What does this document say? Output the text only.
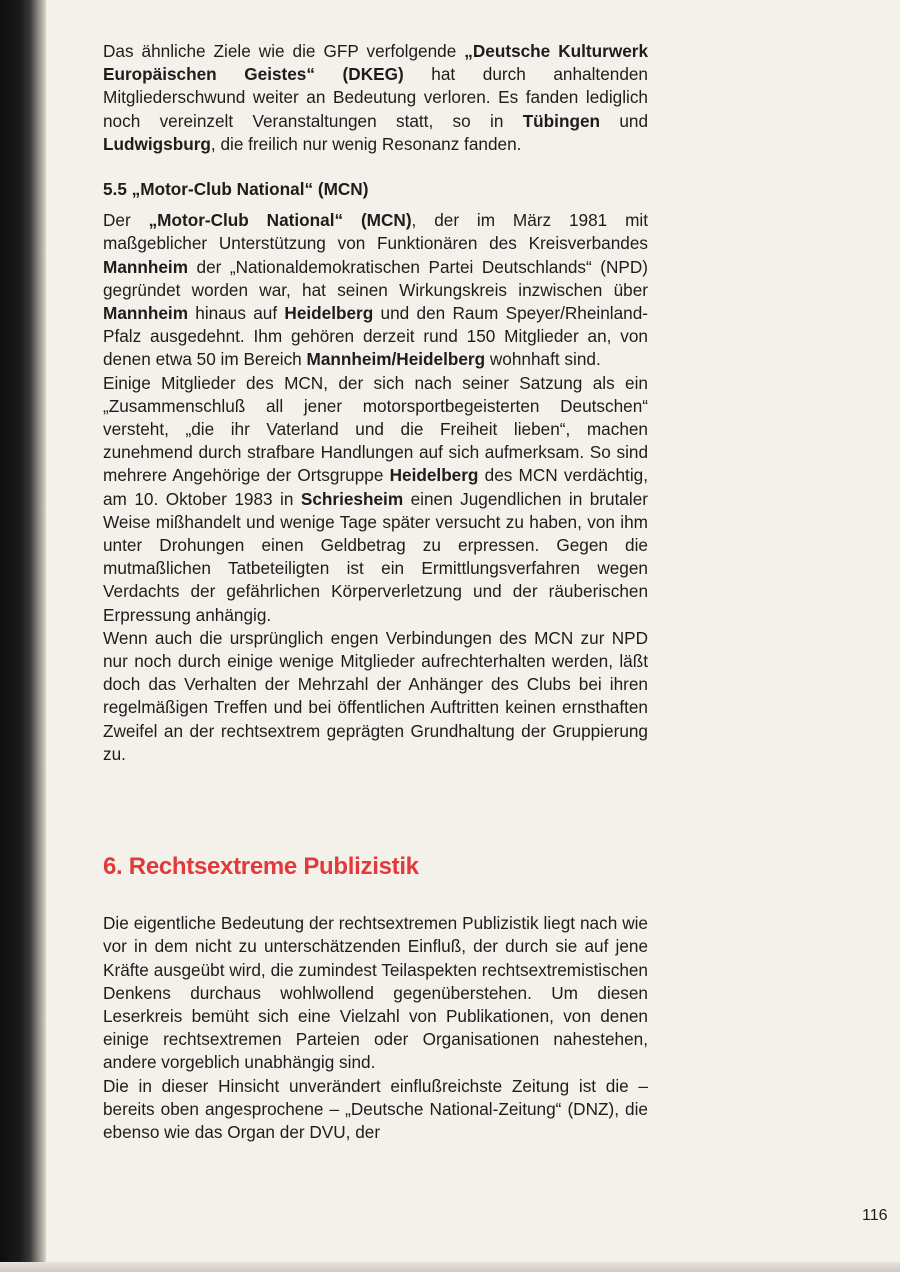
Das ähnliche Ziele wie die GFP verfolgende „Deutsche Kulturwerk Europäischen Geistes“ (DKEG) hat durch anhaltenden Mitgliederschwund weiter an Bedeutung verloren. Es fanden lediglich noch vereinzelt Veranstaltungen statt, so in Tübingen und Ludwigsburg, die freilich nur wenig Resonanz fanden.

5.5 „Motor-Club National“ (MCN)

Der „Motor-Club National“ (MCN), der im März 1981 mit maßgeblicher Unterstützung von Funktionären des Kreisverbandes Mannheim der „Nationaldemokratischen Partei Deutschlands“ (NPD) gegründet worden war, hat seinen Wirkungskreis inzwischen über Mannheim hinaus auf Heidelberg und den Raum Speyer/Rheinland-Pfalz ausgedehnt. Ihm gehören derzeit rund 150 Mitglieder an, von denen etwa 50 im Bereich Mannheim/Heidelberg wohnhaft sind.

Einige Mitglieder des MCN, der sich nach seiner Satzung als ein „Zusammenschluß all jener motorsportbegeisterten Deutschen“ versteht, „die ihr Vaterland und die Freiheit lieben“, machen zunehmend durch strafbare Handlungen auf sich aufmerksam. So sind mehrere Angehörige der Ortsgruppe Heidelberg des MCN verdächtig, am 10. Oktober 1983 in Schriesheim einen Jugendlichen in brutaler Weise mißhandelt und wenige Tage später versucht zu haben, von ihm unter Drohungen einen Geldbetrag zu erpressen. Gegen die mutmaßlichen Tatbeteiligten ist ein Ermittlungsverfahren wegen Verdachts der gefährlichen Körperverletzung und der räuberischen Erpressung anhängig.

Wenn auch die ursprünglich engen Verbindungen des MCN zur NPD nur noch durch einige wenige Mitglieder aufrechterhalten werden, läßt doch das Verhalten der Mehrzahl der Anhänger des Clubs bei ihren regelmäßigen Treffen und bei öffentlichen Auftritten keinen ernsthaften Zweifel an der rechtsextrem geprägten Grundhaltung der Gruppierung zu.

6. Rechtsextreme Publizistik

Die eigentliche Bedeutung der rechtsextremen Publizistik liegt nach wie vor in dem nicht zu unterschätzenden Einfluß, der durch sie auf jene Kräfte ausgeübt wird, die zumindest Teilaspekten rechtsextremistischen Denkens durchaus wohlwollend gegenüberstehen. Um diesen Leserkreis bemüht sich eine Vielzahl von Publikationen, von denen einige rechtsextremen Parteien oder Organisationen nahestehen, andere vorgeblich unabhängig sind.

Die in dieser Hinsicht unverändert einflußreichste Zeitung ist die – bereits oben angesprochene – „Deutsche National-Zeitung“ (DNZ), die ebenso wie das Organ der DVU, der

116
